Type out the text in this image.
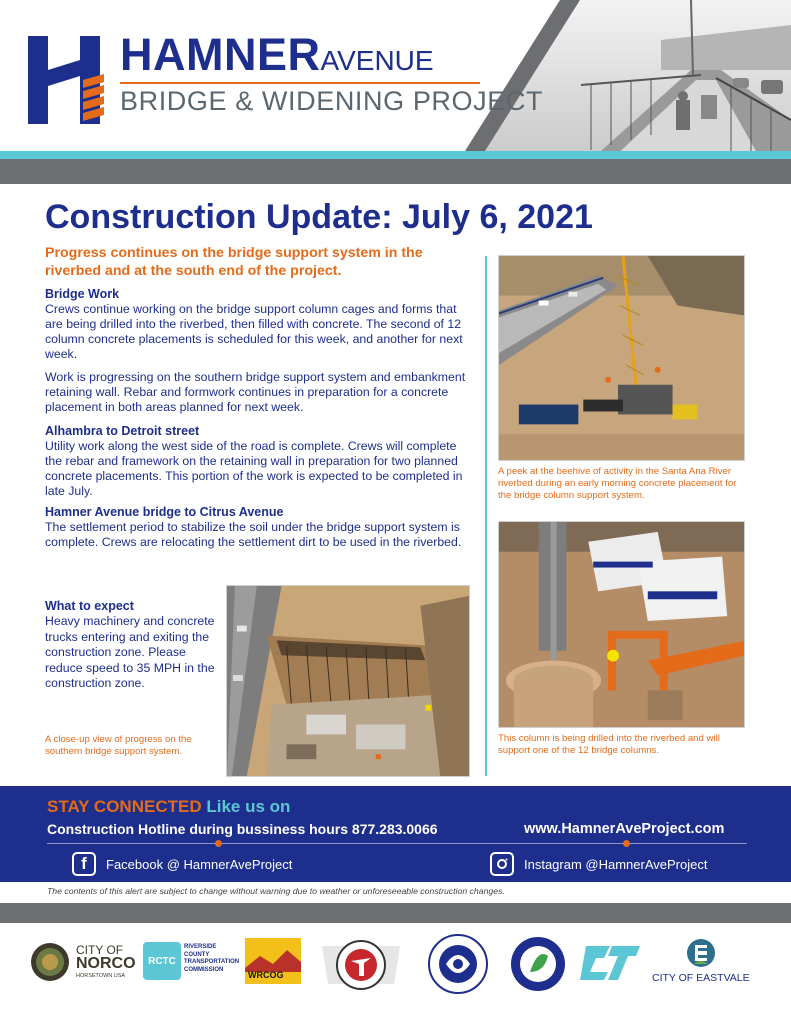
HAMNERAVENUE
BRIDGE & WIDENING PROJECT
Construction Update: July 6, 2021
Progress continues on the bridge support system in the riverbed and at the south end of the project.
Bridge Work
Crews continue working on the bridge support column cages and forms that are being drilled into the riverbed, then filled with concrete. The second of 12 column concrete placements is scheduled for this week, and another for next week.
Work is progressing on the southern bridge support system and embankment retaining wall. Rebar and formwork continues in preparation for a concrete placement in both areas planned for next week.
Alhambra to Detroit street
Utility work along the west side of the road is complete. Crews will complete the rebar and framework on the retaining wall in preparation for two planned concrete placements. This portion of the work is expected to be completed in late July.
Hamner Avenue bridge to Citrus Avenue
The settlement period to stabilize the soil under the bridge support system is complete. Crews are relocating the settlement dirt to be used in the riverbed.
What to expect
Heavy machinery and concrete trucks entering and exiting the construction zone. Please reduce speed to 35 MPH in the construction zone.
A close-up view of progress on the southern bridge support system.
A peek at the beehive of activity in the Santa Ana River riverbed during an early morning concrete placement for the bridge column support system.
This column is being drilled into the riverbed and will support one of the 12 bridge columns.
STAY CONNECTED Like us on
Construction Hotline during bussiness hours 877.283.0066	www.HamnerAveProject.com
f	Facebook @ HamnerAveProject	Instagram @HamnerAveProject
The contents of this alert are subject to change without warning due to weather or unforeseeable construction changes.
CITY OF
NORCO
HORSETOWN USA
RCTC
RIVERSIDE
COUNTY
TRANSPORTATION
COMMISSION
WRCOG	CITY OF EASTVALE
